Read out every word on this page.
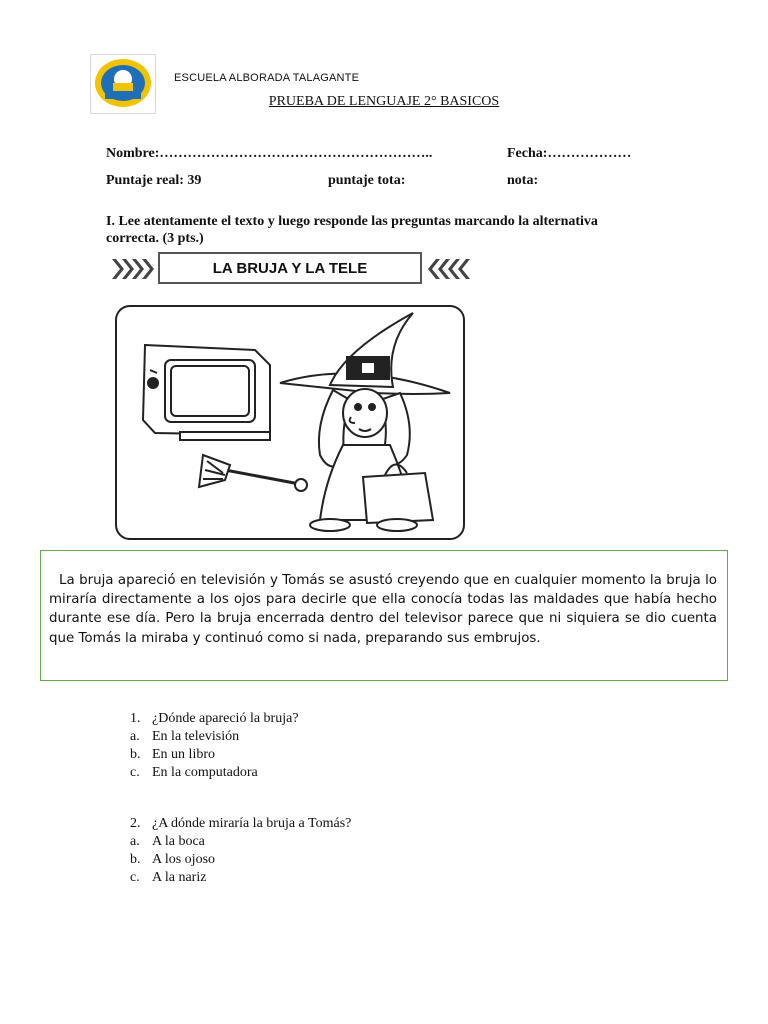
ESCUELA ALBORADA TALAGANTE
PRUEBA DE LENGUAJE 2° BASICOS
Nombre:…………………………………………………..	Fecha:………………
Puntaje real: 39	puntaje tota:	nota:
I. Lee atentamente el texto y luego responde las preguntas marcando la alternativa correcta. (3 pts.)
LA BRUJA Y LA TELE

La bruja apareció en televisión y Tomás se asustó creyendo que en cualquier momento la bruja lo miraría directamente a los ojos para decirle que ella conocía todas las maldades que había hecho durante ese día. Pero la bruja encerrada dentro del televisor parece que ni siquiera se dio cuenta que Tomás la miraba y continuó como si nada, preparando sus embrujos.

1. ¿Dónde apareció la bruja?
a. En la televisión
b. En un libro
c. En la computadora
2. ¿A dónde miraría la bruja a Tomás?
a. A la boca
b. A los ojoso
c. A la nariz
